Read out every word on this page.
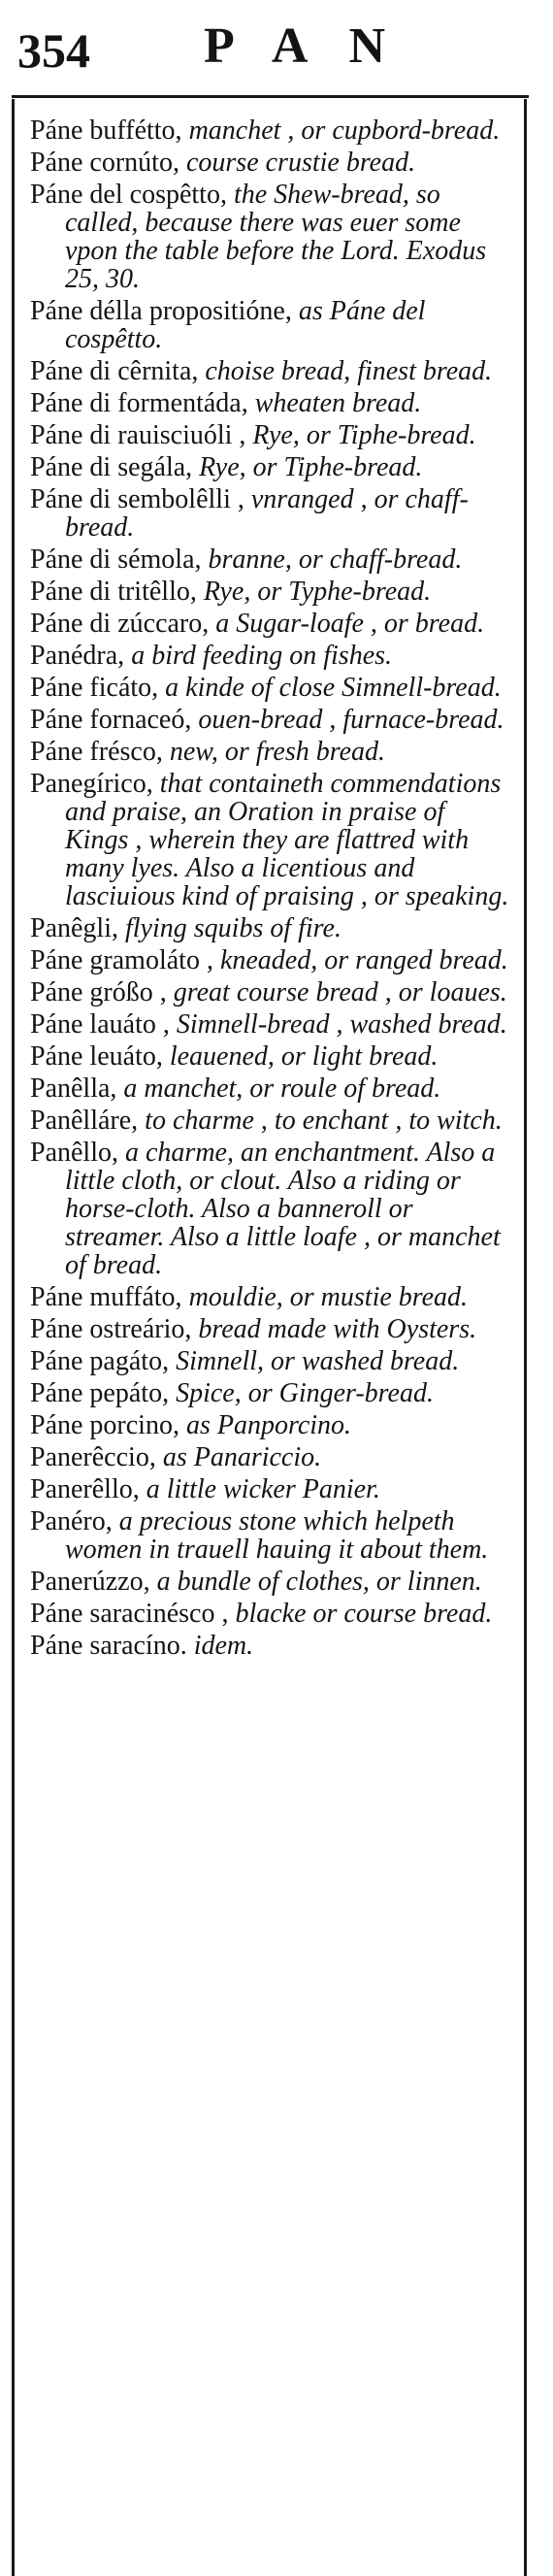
354 PAN

Páne buffétto, manchet , or cupbord-bread.

Páne cornúto, course crustie bread.

Páne del cospêtto, the Shew-bread, so called, because there was euer some vpon the table before the Lord. Exodus 25, 30.

Páne délla propositióne, as Páne del cospêtto.

Páne di cêrnita, choise bread, finest bread.

Páne di formentáda, wheaten bread.

Páne di rauisciuóli , Rye, or Tiphe-bread.

Páne di segála, Rye, or Tiphe-bread.

Páne di sembolêlli , vnranged , or chaff-bread.

Páne di sémola, branne, or chaff-bread.

Páne di tritêllo, Rye, or Typhe-bread.

Páne di zúccaro, a Sugar-loafe , or bread.

Panédra, a bird feeding on fishes.

Páne ficáto, a kinde of close Simnell-bread.

Páne fornaceó, ouen-bread , furnace-bread.

Páne frésco, new, or fresh bread.

Panegírico, that containeth commendations and praise, an Oration in praise of Kings , wherein they are flattred with many lyes. Also a licentious and lasciuious kind of praising , or speaking.

Panêgli, flying squibs of fire.

Páne gramoláto , kneaded, or ranged bread.

Páne gróßo , great course bread , or loaues.

Páne lauáto , Simnell-bread , washed bread.

Páne leuáto, leauened, or light bread.

Panêlla, a manchet, or roule of bread.

Panêlláre, to charme , to enchant , to witch.

Panêllo, a charme, an enchantment. Also a little cloth, or clout. Also a riding or horse-cloth. Also a banneroll or streamer. Also a little loafe , or manchet of bread.

Páne muffáto, mouldie, or mustie bread.

Páne ostreário, bread made with Oysters.

Páne pagáto, Simnell, or washed bread.

Páne pepáto, Spice, or Ginger-bread.

Páne porcino, as Panporcino.

Panerêccio, as Panariccio.

Panerêllo, a little wicker Panier.

Panéro, a precious stone which helpeth women in trauell hauing it about them.

Panerúzzo, a bundle of clothes, or linnen.

Páne saracinésco , blacke or course bread.

Páne saracíno. idem.
